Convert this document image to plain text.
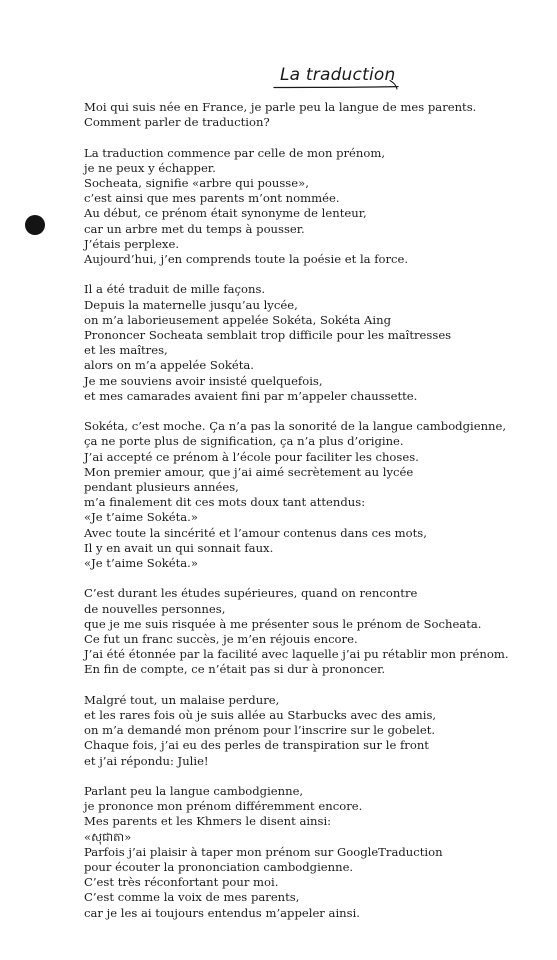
La traduction
Moi qui suis née en France, je parle peu la langue de mes parents.
Comment parler de traduction?
La traduction commence par celle de mon prénom,
je ne peux y échapper.
Socheata, signifie «arbre qui pousse»,
c’est ainsi que mes parents m’ont nommée.
Au début, ce prénom était synonyme de lenteur,
car un arbre met du temps à pousser.
J’étais perplexe.
Aujourd’hui, j’en comprends toute la poésie et la force.
Il a été traduit de mille façons.
Depuis la maternelle jusqu’au lycée,
on m’a laborieusement appelée Sokéta, Sokéta Aing
Prononcer Socheata semblait trop difficile pour les maîtresses
et les maîtres,
alors on m’a appelée Sokéta.
Je me souviens avoir insisté quelquefois,
et mes camarades avaient fini par m’appeler chaussette.
Sokéta, c’est moche. Ça n’a pas la sonorité de la langue cambodgienne,
ça ne porte plus de signification, ça n’a plus d’origine.
J’ai accepté ce prénom à l’école pour faciliter les choses.
Mon premier amour, que j’ai aimé secrètement au lycée
pendant plusieurs années,
m’a finalement dit ces mots doux tant attendus:
«Je t’aime Sokéta.»
Avec toute la sincérité et l’amour contenus dans ces mots,
Il y en avait un qui sonnait faux.
«Je t’aime Sokéta.»
C’est durant les études supérieures, quand on rencontre
de nouvelles personnes,
que je me suis risquée à me présenter sous le prénom de Socheata.
Ce fut un franc succès, je m’en réjouis encore.
J’ai été étonnée par la facilité avec laquelle j’ai pu rétablir mon prénom.
En fin de compte, ce n’était pas si dur à prononcer.
Malgré tout, un malaise perdure,
et les rares fois où je suis allée au Starbucks avec des amis,
on m’a demandé mon prénom pour l’inscrire sur le gobelet.
Chaque fois, j’ai eu des perles de transpiration sur le front
et j’ai répondu: Julie!
Parlant peu la langue cambodgienne,
je prononce mon prénom différemment encore.
Mes parents et les Khmers le disent ainsi:
«សុជាតា»
Parfois j’ai plaisir à taper mon prénom sur GoogleTraduction
pour écouter la prononciation cambodgienne.
C’est très réconfortant pour moi.
C’est comme la voix de mes parents,
car je les ai toujours entendus m’appeler ainsi.
